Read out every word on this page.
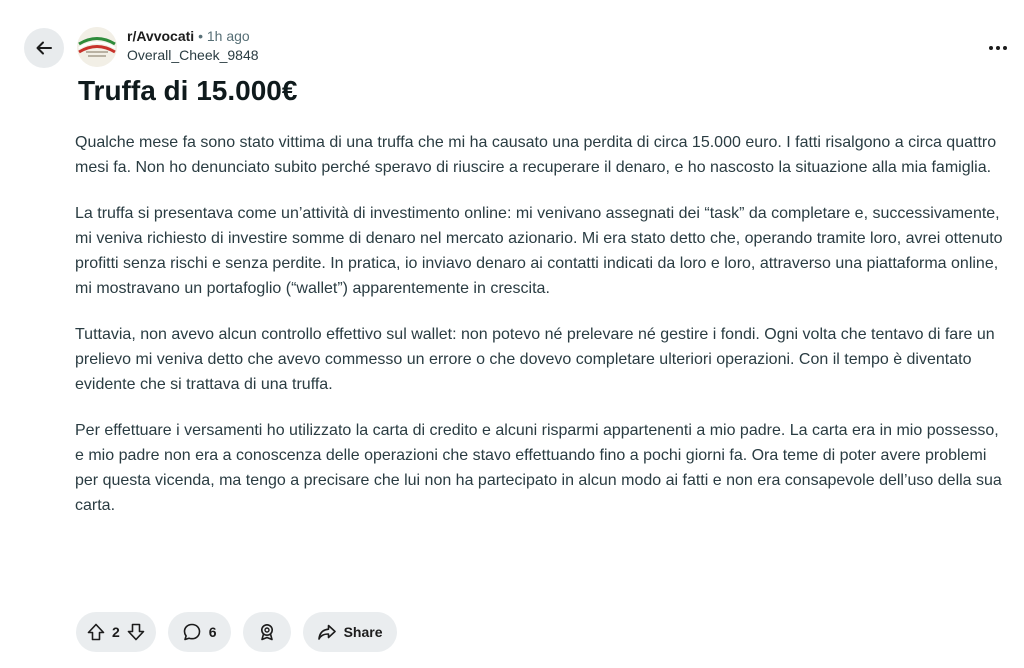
r/Avvocati • 1h ago
Overall_Cheek_9848
Truffa di 15.000€

Qualche mese fa sono stato vittima di una truffa che mi ha causato una perdita di circa 15.000 euro. I fatti risalgono a circa quattro mesi fa. Non ho denunciato subito perché speravo di riuscire a recuperare il denaro, e ho nascosto la situazione alla mia famiglia.

La truffa si presentava come un’attività di investimento online: mi venivano assegnati dei “task” da completare e, successivamente, mi veniva richiesto di investire somme di denaro nel mercato azionario. Mi era stato detto che, operando tramite loro, avrei ottenuto profitti senza rischi e senza perdite. In pratica, io inviavo denaro ai contatti indicati da loro e loro, attraverso una piattaforma online, mi mostravano un portafoglio (“wallet”) apparentemente in crescita.

Tuttavia, non avevo alcun controllo effettivo sul wallet: non potevo né prelevare né gestire i fondi. Ogni volta che tentavo di fare un prelievo mi veniva detto che avevo commesso un errore o che dovevo completare ulteriori operazioni. Con il tempo è diventato evidente che si trattava di una truffa.

Per effettuare i versamenti ho utilizzato la carta di credito e alcuni risparmi appartenenti a mio padre. La carta era in mio possesso, e mio padre non era a conoscenza delle operazioni che stavo effettuando fino a pochi giorni fa. Ora teme di poter avere problemi per questa vicenda, ma tengo a precisare che lui non ha partecipato in alcun modo ai fatti e non era consapevole dell’uso della sua carta.

2	6	Share
